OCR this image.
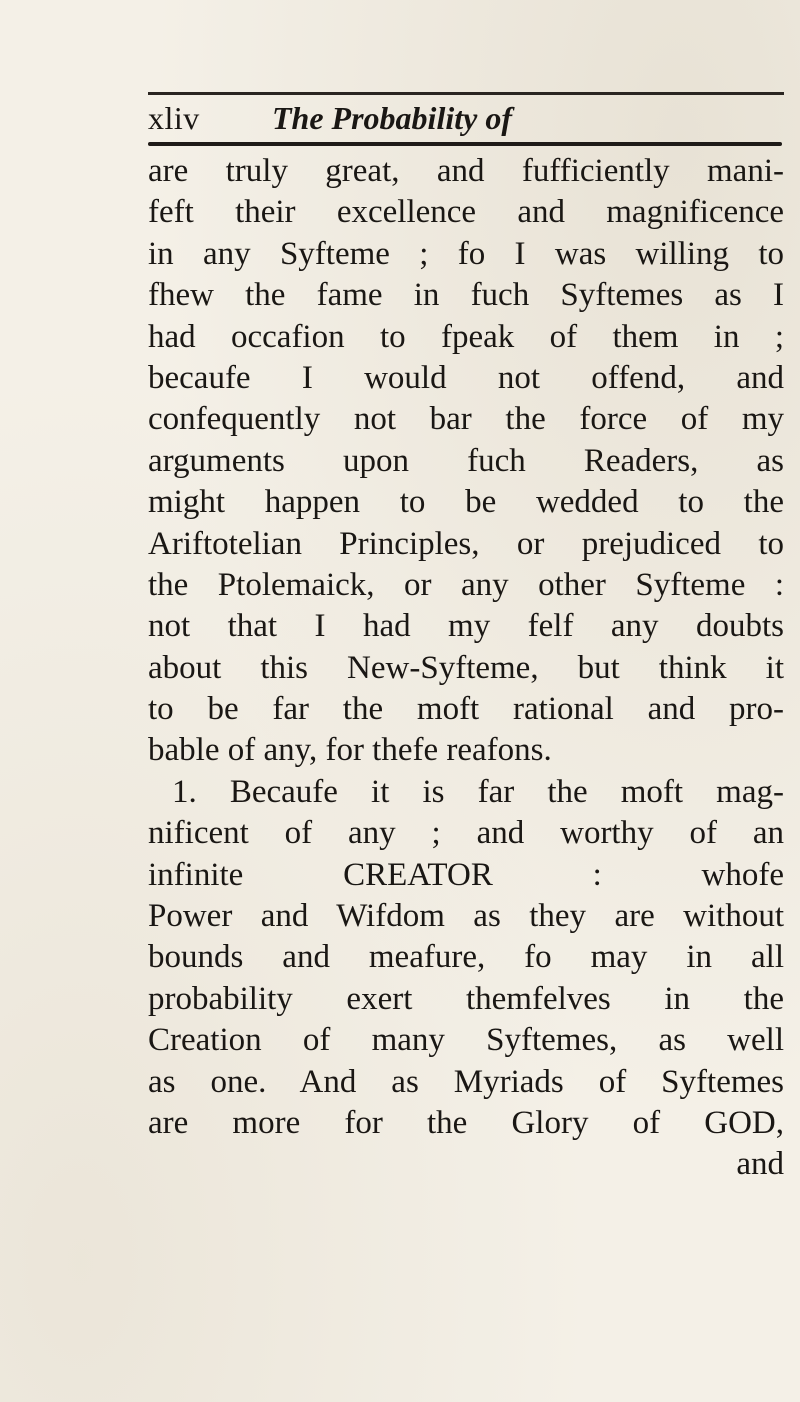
xliv The Probability of
are truly great, and fufficiently mani-
feft their excellence and magnificence
in any Syfteme ; fo I was willing to
fhew the fame in fuch Syftemes as I
had occafion to fpeak of them in ;
becaufe I would not offend, and
confequently not bar the force of my
arguments upon fuch Readers, as
might happen to be wedded to the
Ariftotelian Principles, or prejudiced to
the Ptolemaick, or any other Syfteme :
not that I had my felf any doubts
about this New-Syfteme, but think it
to be far the moft rational and pro-
bable of any, for thefe reafons.
1. Becaufe it is far the moft mag-
nificent of any ; and worthy of an
infinite CREATOR : whofe
Power and Wifdom as they are without
bounds and meafure, fo may in all
probability exert themfelves in the
Creation of many Syftemes, as well
as one. And as Myriads of Syftemes
are more for the Glory of GOD,
and
